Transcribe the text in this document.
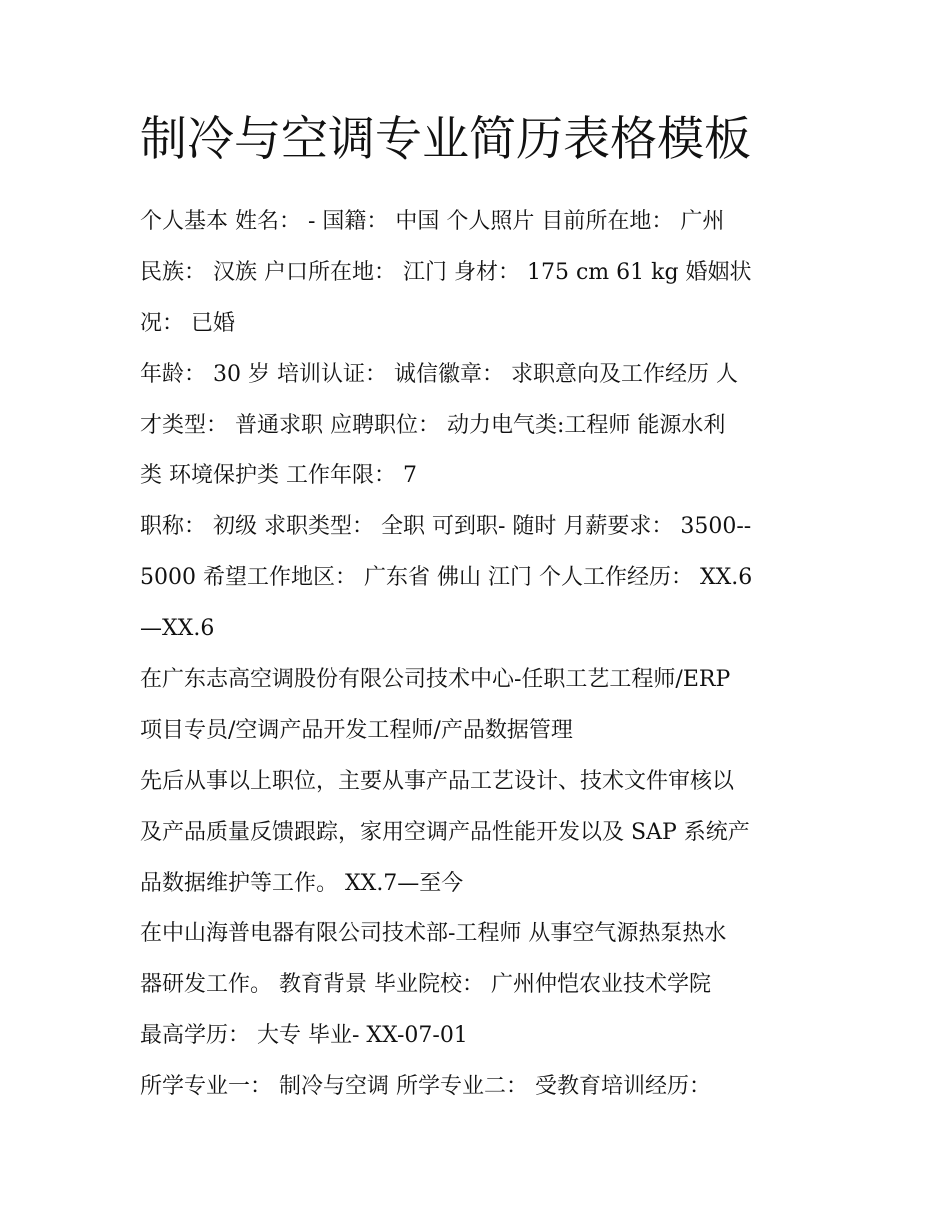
制冷与空调专业简历表格模板
个人基本 姓名： - 国籍： 中国 个人照片 目前所在地： 广州
民族： 汉族 户口所在地： 江门 身材： 175 cm 61 kg 婚姻状
况： 已婚
年龄： 30 岁 培训认证： 诚信徽章： 求职意向及工作经历 人
才类型： 普通求职 应聘职位： 动力电气类:工程师 能源水利
类 环境保护类 工作年限： 7
职称： 初级 求职类型： 全职 可到职- 随时 月薪要求： 3500--
5000 希望工作地区： 广东省 佛山 江门 个人工作经历： XX.6
—XX.6
在广东志高空调股份有限公司技术中心-任职工艺工程师/ERP
项目专员/空调产品开发工程师/产品数据管理
先后从事以上职位，主要从事产品工艺设计、技术文件审核以
及产品质量反馈跟踪，家用空调产品性能开发以及 SAP 系统产
品数据维护等工作。 XX.7—至今
在中山海普电器有限公司技术部-工程师 从事空气源热泵热水
器研发工作。 教育背景 毕业院校： 广州仲恺农业技术学院
最高学历： 大专 毕业- XX-07-01
所学专业一： 制冷与空调 所学专业二： 受教育培训经历：
